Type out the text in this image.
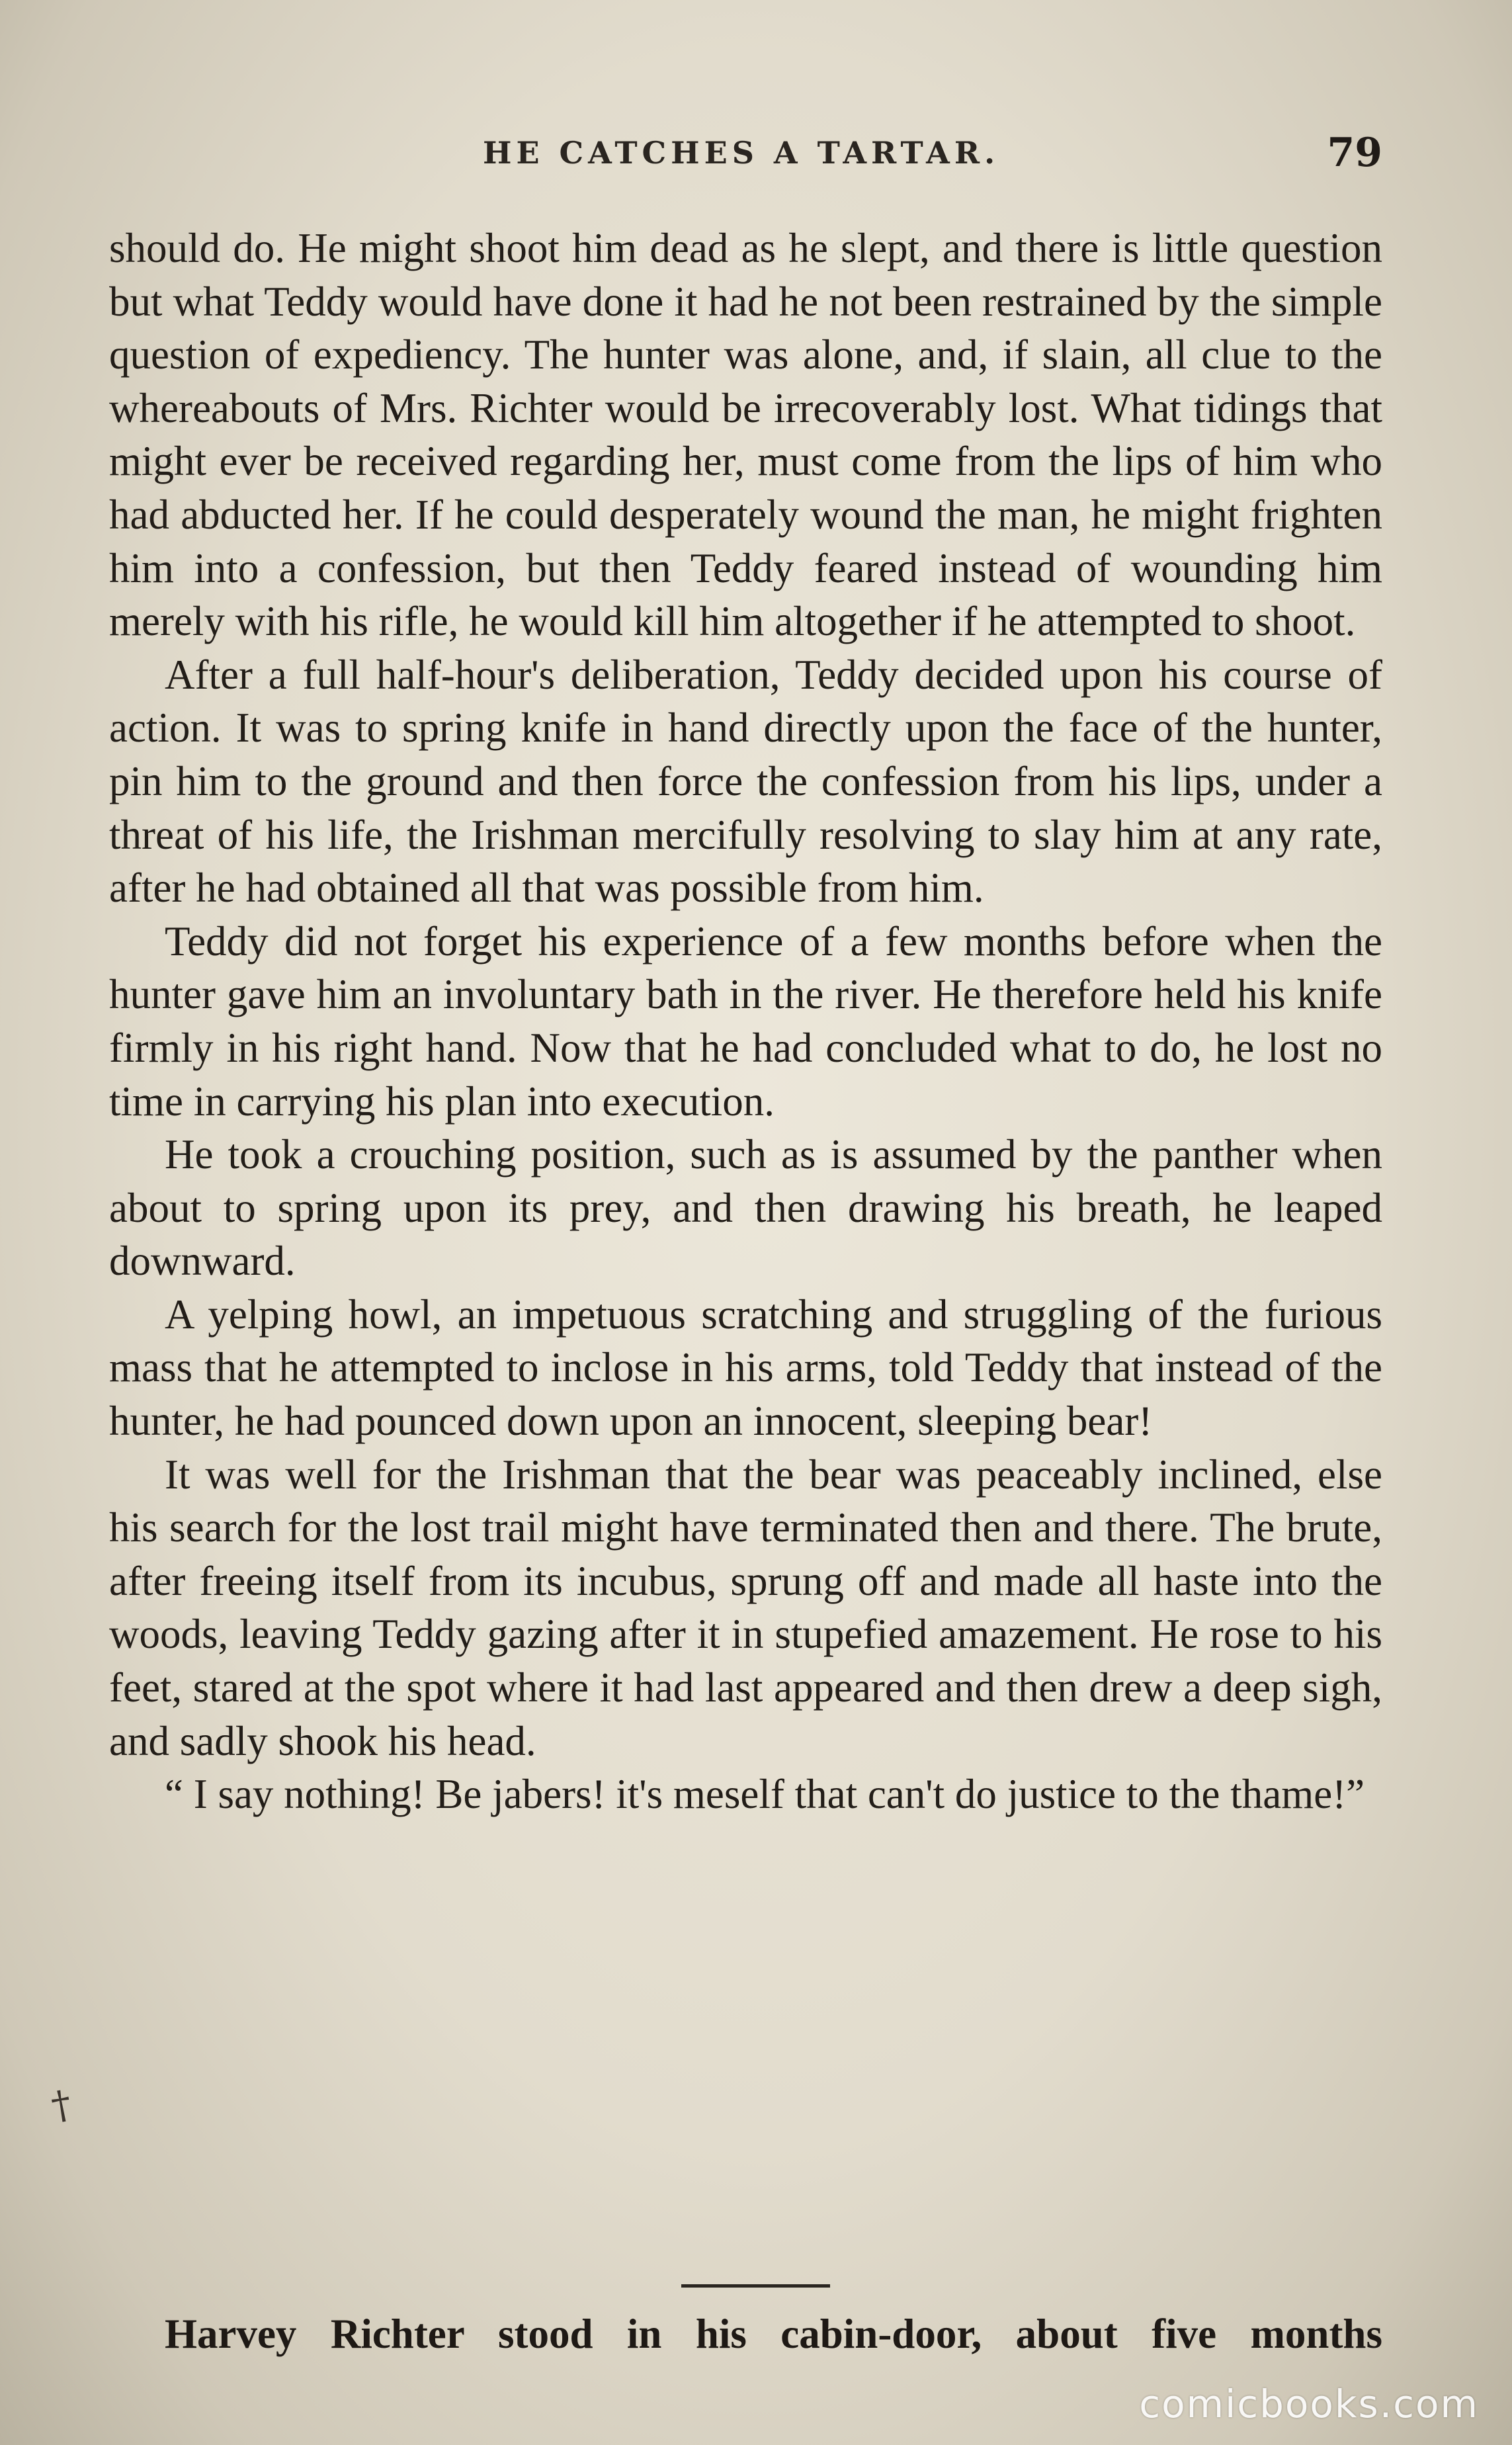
HE CATCHES A TARTAR.	79

should do. He might shoot him dead as he slept, and there is little question but what Teddy would have done it had he not been restrained by the simple question of expediency. The hunter was alone, and, if slain, all clue to the whereabouts of Mrs. Richter would be irrecoverably lost. What tidings that might ever be received regarding her, must come from the lips of him who had abducted her. If he could desperately wound the man, he might frighten him into a confession, but then Teddy feared instead of wounding him merely with his rifle, he would kill him altogether if he attempted to shoot.

After a full half-hour's deliberation, Teddy decided upon his course of action. It was to spring knife in hand directly upon the face of the hunter, pin him to the ground and then force the confession from his lips, under a threat of his life, the Irishman mercifully resolving to slay him at any rate, after he had obtained all that was possible from him.

Teddy did not forget his experience of a few months before when the hunter gave him an involuntary bath in the river. He therefore held his knife firmly in his right hand. Now that he had concluded what to do, he lost no time in carrying his plan into execution.

He took a crouching position, such as is assumed by the panther when about to spring upon its prey, and then drawing his breath, he leaped downward.

A yelping howl, an impetuous scratching and struggling of the furious mass that he attempted to inclose in his arms, told Teddy that instead of the hunter, he had pounced down upon an innocent, sleeping bear!

It was well for the Irishman that the bear was peaceably inclined, else his search for the lost trail might have terminated then and there. The brute, after freeing itself from its incubus, sprung off and made all haste into the woods, leaving Teddy gazing after it in stupefied amazement. He rose to his feet, stared at the spot where it had last appeared and then drew a deep sigh, and sadly shook his head.

“ I say nothing! Be jabers! it's meself that can't do justice to the thame!”

Harvey Richter stood in his cabin-door, about five months
†
comicbooks.com
